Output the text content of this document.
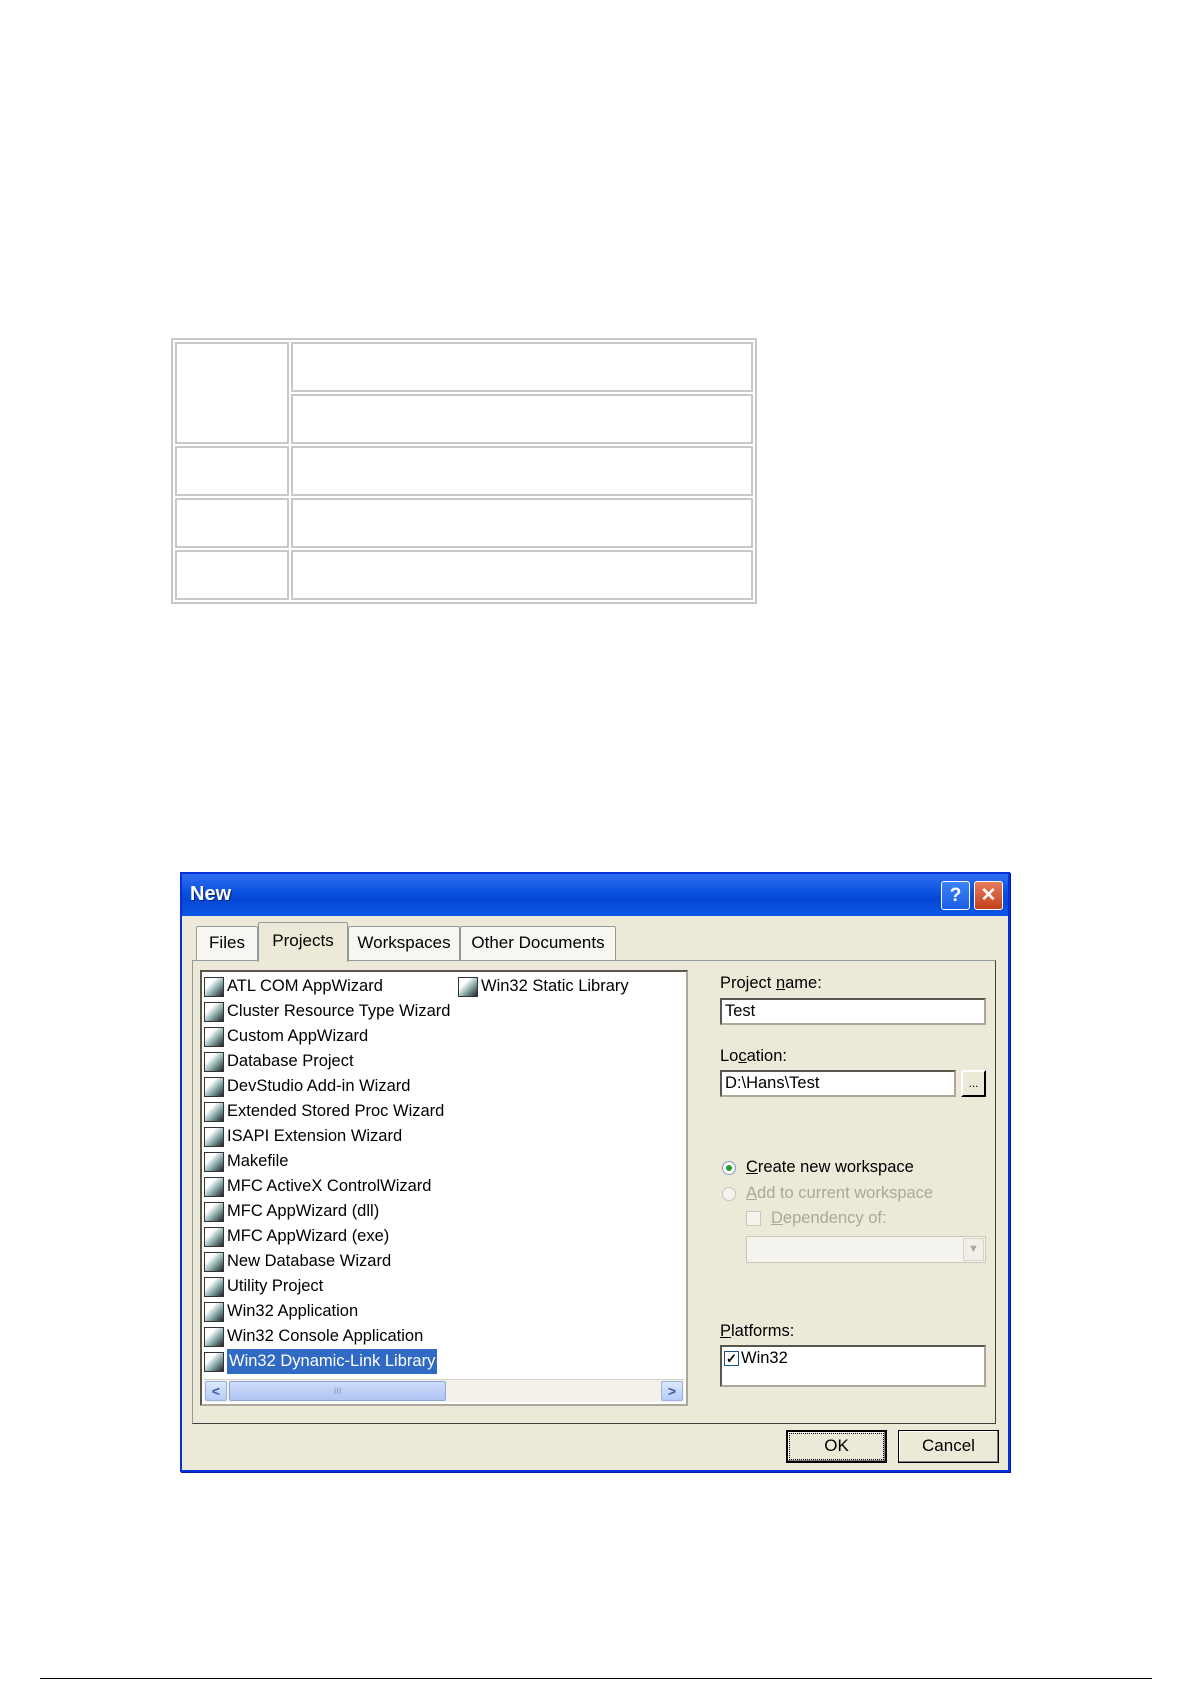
New	?	✕
Files	Projects	Workspaces	Other Documents
ATL COM AppWizard
Cluster Resource Type Wizard
Custom AppWizard
Database Project
DevStudio Add-in Wizard
Extended Stored Proc Wizard
ISAPI Extension Wizard
Makefile
MFC ActiveX ControlWizard
MFC AppWizard (dll)
MFC AppWizard (exe)
New Database Wizard
Utility Project
Win32 Application
Win32 Console Application
Win32 Dynamic-Link Library
Win32 Static Library
<	III	>
Project name:
Test
Location:
D:\Hans\Test	...
Create new workspace
Add to current workspace
Dependency of:
▼
Platforms:
✓ Win32
OK	Cancel
